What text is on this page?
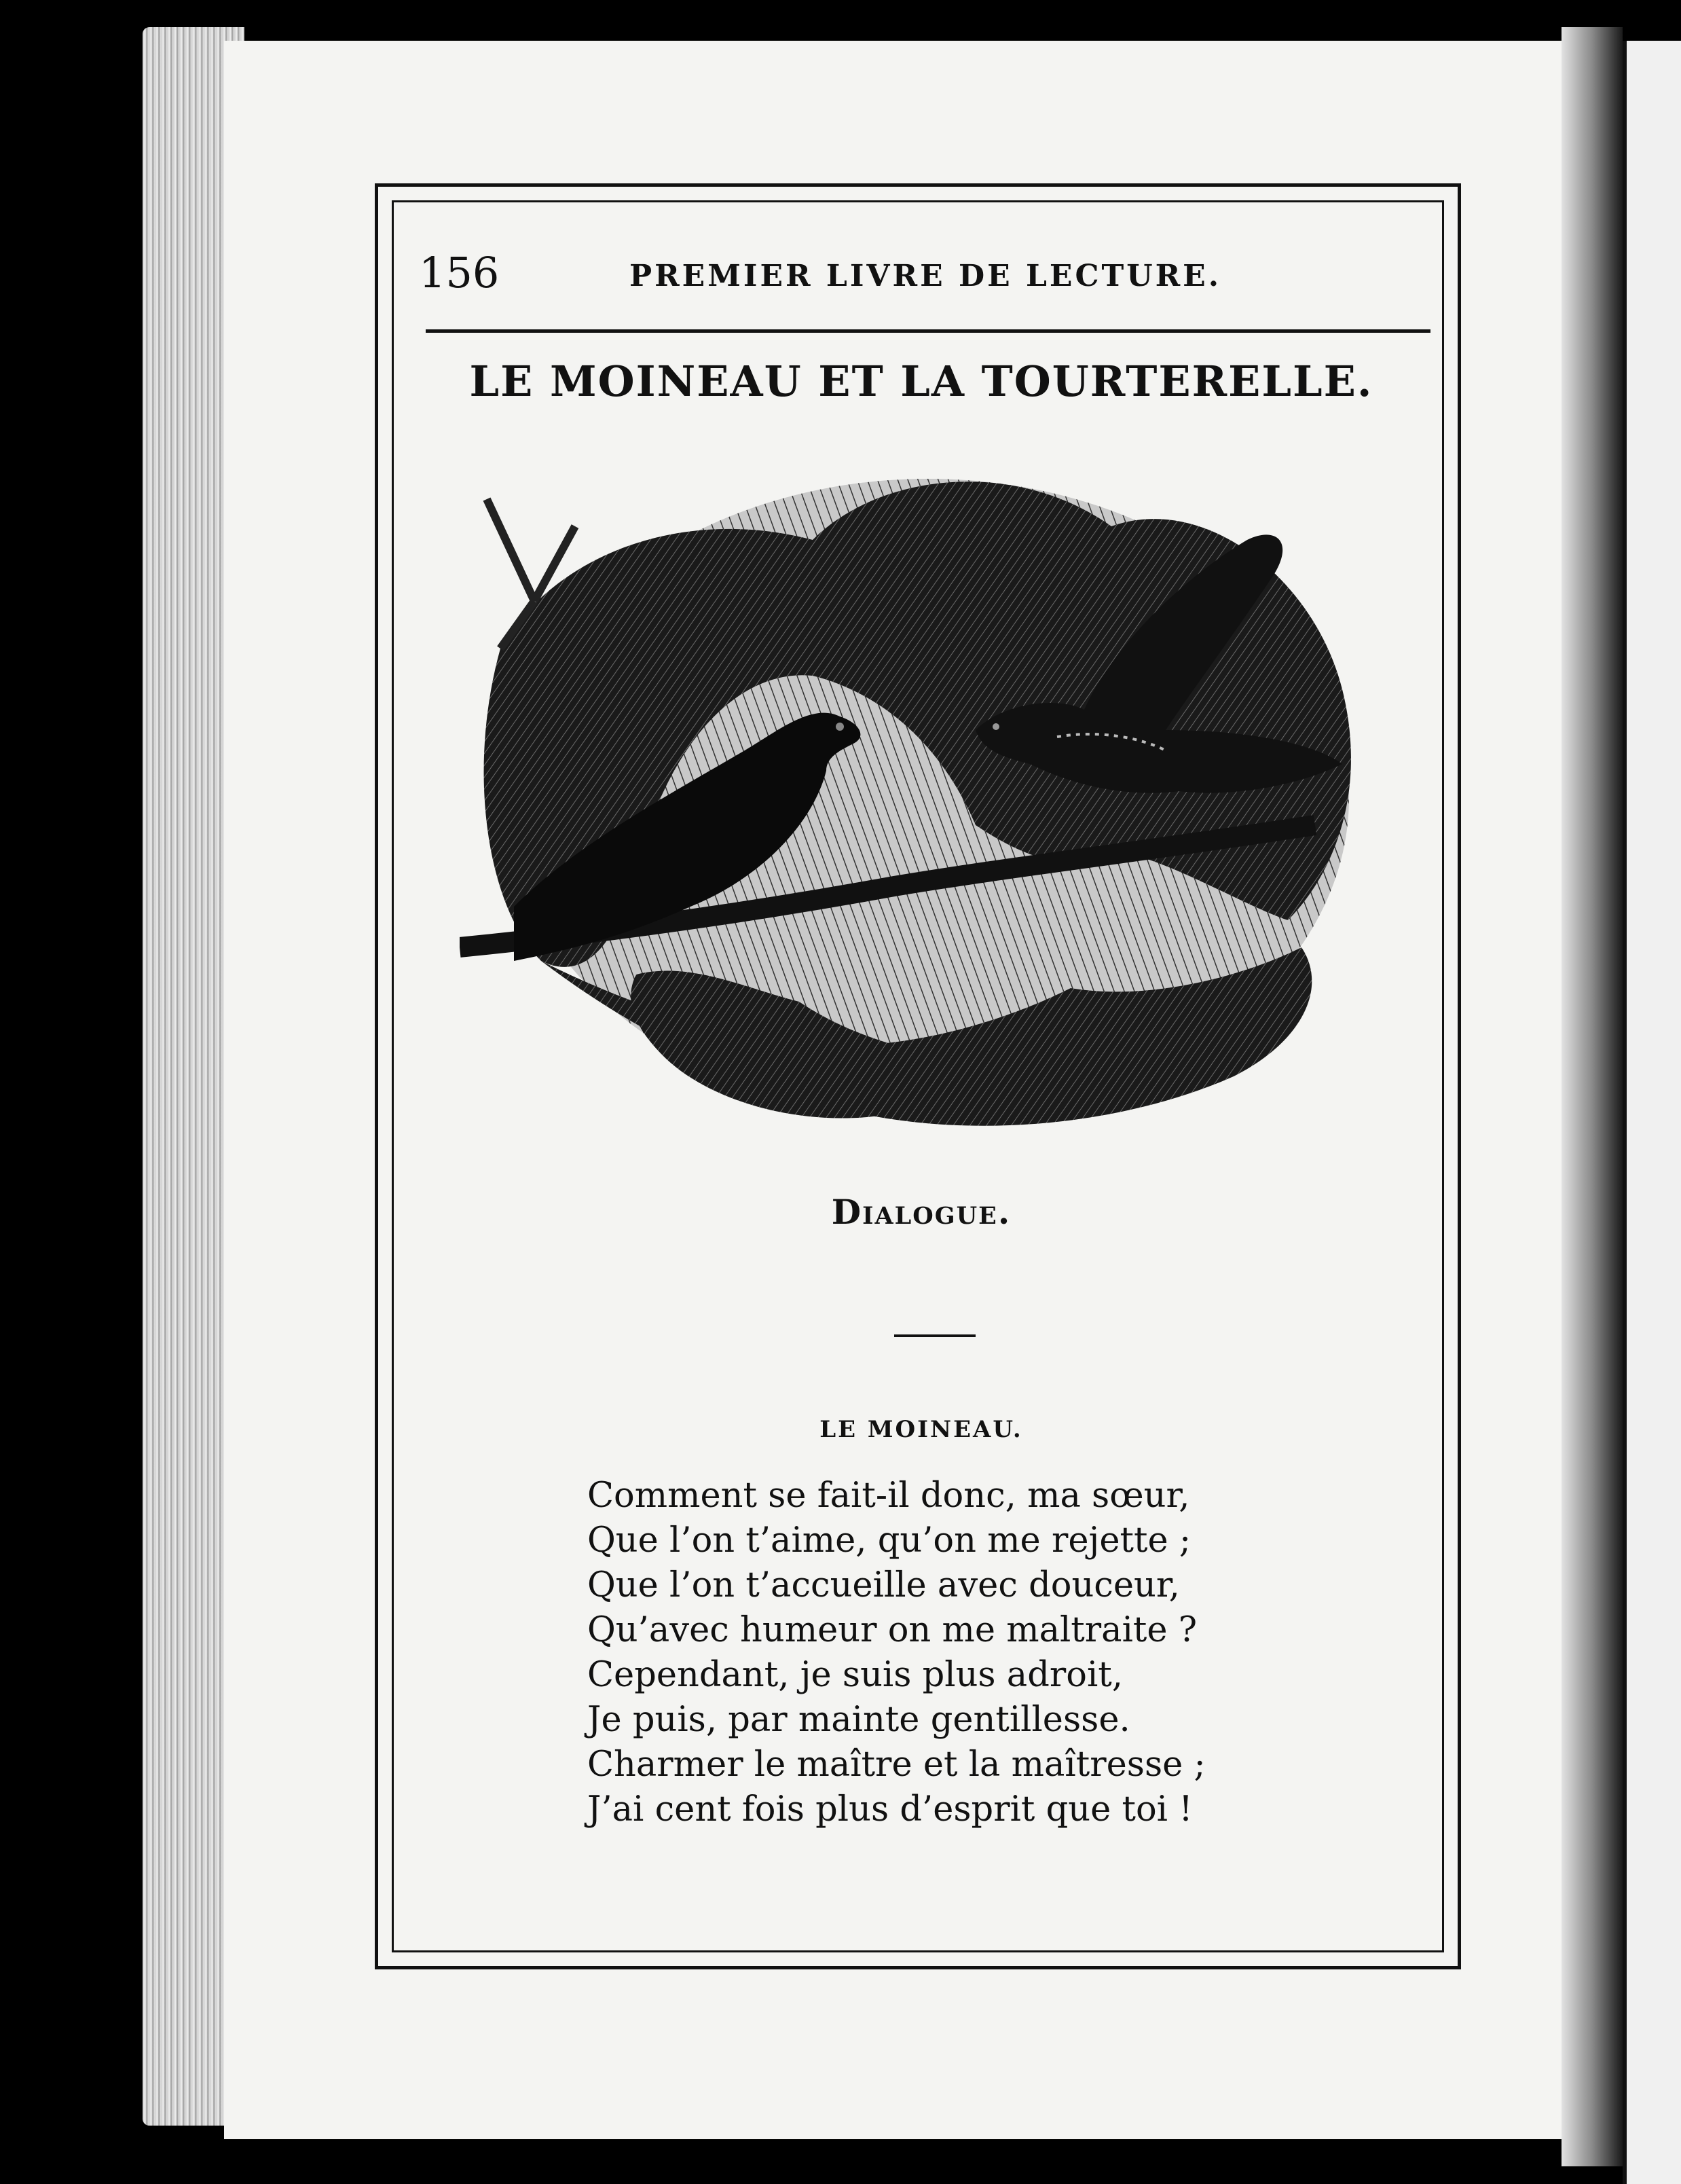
156	PREMIER LIVRE DE LECTURE.
LE MOINEAU ET LA TOURTERELLE.
Dialogue.
LE MOINEAU.
Comment se fait-il donc, ma sœur,
Que l’on t’aime, qu’on me rejette ;
Que l’on t’accueille avec douceur,
Qu’avec humeur on me maltraite ?
Cependant, je suis plus adroit,
Je puis, par mainte gentillesse.
Charmer le maître et la maîtresse ;
J’ai cent fois plus d’esprit que toi !
